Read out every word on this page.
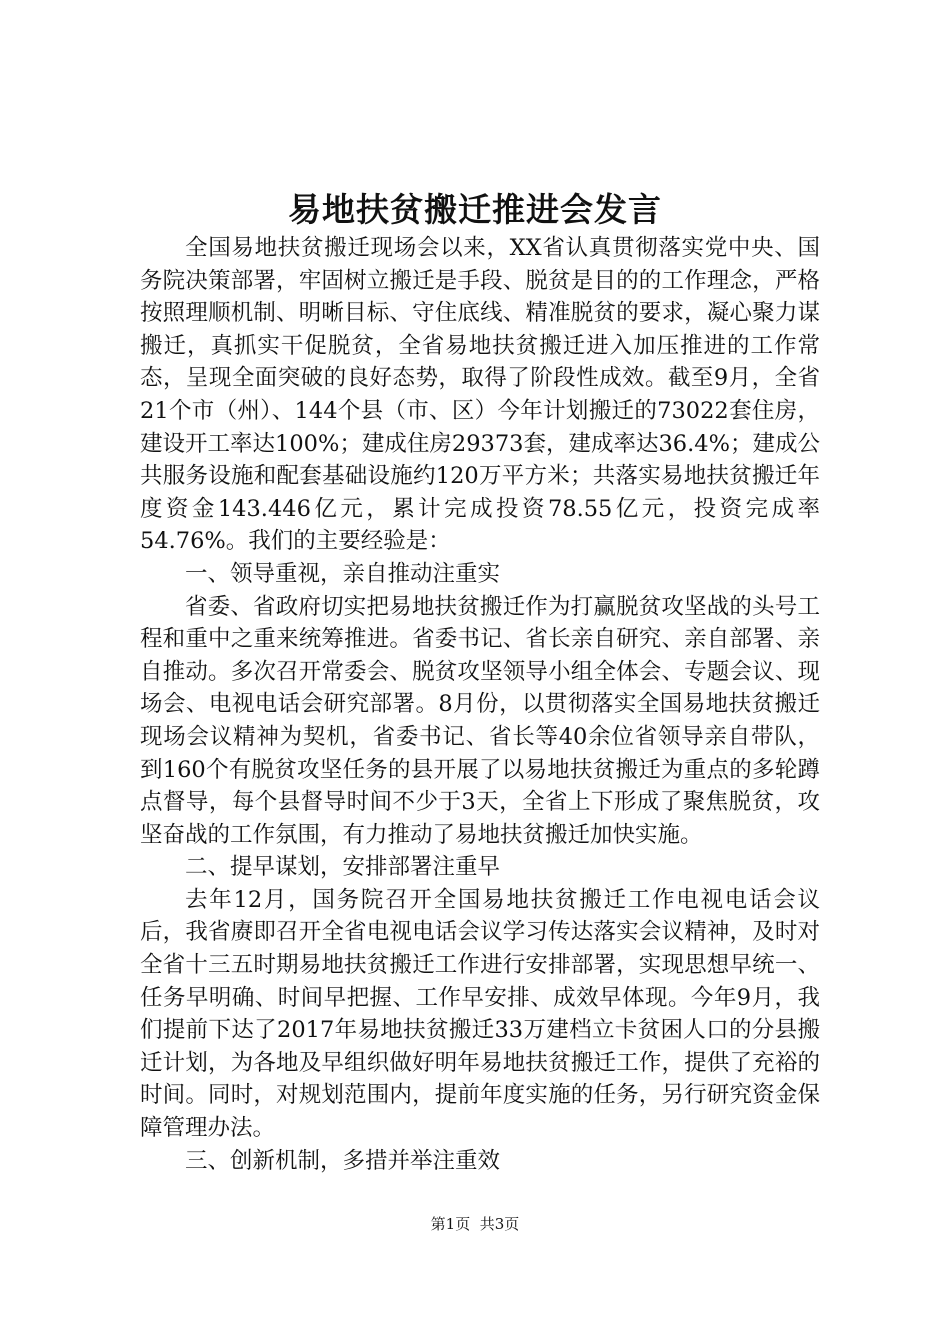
易地扶贫搬迁推进会发言

全国易地扶贫搬迁现场会以来，XX省认真贯彻落实党中央、国务院决策部署，牢固树立搬迁是手段、脱贫是目的的工作理念，严格按照理顺机制、明晰目标、守住底线、精准脱贫的要求，凝心聚力谋搬迁，真抓实干促脱贫，全省易地扶贫搬迁进入加压推进的工作常态，呈现全面突破的良好态势，取得了阶段性成效。截至9月，全省21个市（州）、144个县（市、区）今年计划搬迁的73022套住房，建设开工率达100%；建成住房29373套，建成率达36.4%；建成公共服务设施和配套基础设施约120万平方米；共落实易地扶贫搬迁年度资金143.446亿元，累计完成投资78.55亿元，投资完成率54.76%。我们的主要经验是：

一、领导重视，亲自推动注重实

省委、省政府切实把易地扶贫搬迁作为打赢脱贫攻坚战的头号工程和重中之重来统筹推进。省委书记、省长亲自研究、亲自部署、亲自推动。多次召开常委会、脱贫攻坚领导小组全体会、专题会议、现场会、电视电话会研究部署。8月份，以贯彻落实全国易地扶贫搬迁现场会议精神为契机，省委书记、省长等40余位省领导亲自带队，到160个有脱贫攻坚任务的县开展了以易地扶贫搬迁为重点的多轮蹲点督导，每个县督导时间不少于3天，全省上下形成了聚焦脱贫，攻坚奋战的工作氛围，有力推动了易地扶贫搬迁加快实施。

二、提早谋划，安排部署注重早

去年12月，国务院召开全国易地扶贫搬迁工作电视电话会议后，我省赓即召开全省电视电话会议学习传达落实会议精神，及时对全省十三五时期易地扶贫搬迁工作进行安排部署，实现思想早统一、任务早明确、时间早把握、工作早安排、成效早体现。今年9月，我们提前下达了2017年易地扶贫搬迁33万建档立卡贫困人口的分县搬迁计划，为各地及早组织做好明年易地扶贫搬迁工作，提供了充裕的时间。同时，对规划范围内，提前年度实施的任务，另行研究资金保障管理办法。

三、创新机制，多措并举注重效

第1页 共3页
